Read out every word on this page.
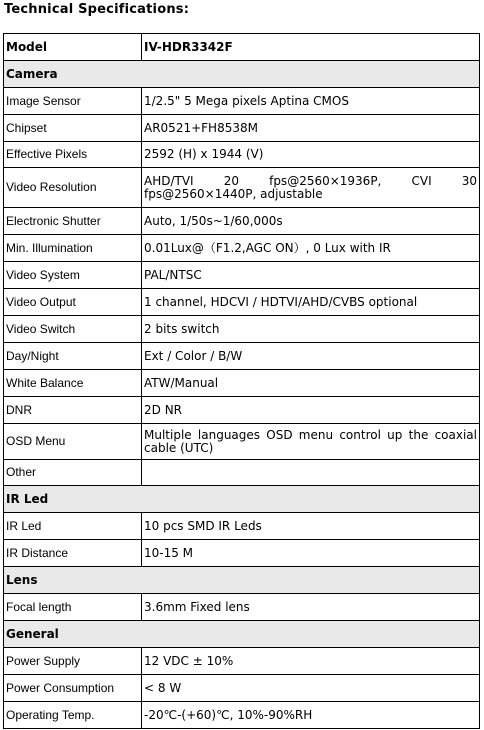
Technical Specifications:
Model	IV-HDR3342F
Camera	
Image Sensor	1/2.5" 5 Mega pixels Aptina CMOS
Chipset	AR0521+FH8538M
Effective Pixels	2592 (H) x 1944 (V)
Video Resolution	AHD/TVI 20 fps@2560×1936P, CVI 30 fps@2560×1440P, adjustable
Electronic Shutter	Auto, 1/50s~1/60,000s
Min. Illumination	0.01Lux@（F1.2,AGC ON）, 0 Lux with IR
Video System	PAL/NTSC
Video Output	1 channel, HDCVI / HDTVI/AHD/CVBS optional
Video Switch	2 bits switch
Day/Night	Ext / Color / B/W
White Balance	ATW/Manual
DNR	2D NR
OSD Menu	Multiple languages OSD menu control up the coaxial cable (UTC)
Other	
IR Led	
IR Led	10 pcs SMD IR Leds
IR Distance	10-15 M
Lens	
Focal length	3.6mm Fixed lens
General	
Power Supply	12 VDC ± 10%
Power Consumption	< 8 W
Operating Temp.	-20℃-(+60)℃, 10%-90%RH
